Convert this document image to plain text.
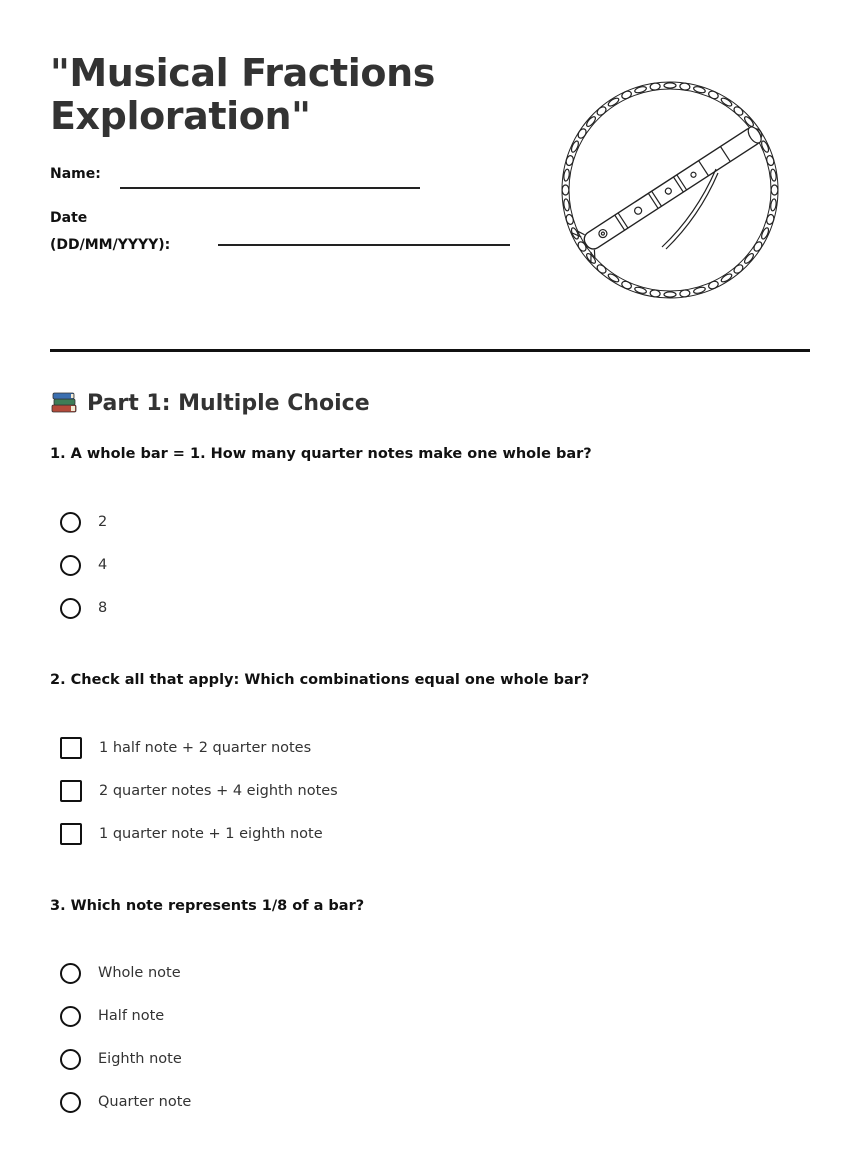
"Musical Fractions Exploration"
Name:
Date
(DD/MM/YYYY):
Part 1: Multiple Choice
1. A whole bar = 1. How many quarter notes make one whole bar?
2
4
8
2. Check all that apply: Which combinations equal one whole bar?
1 half note + 2 quarter notes
2 quarter notes + 4 eighth notes
1 quarter note + 1 eighth note
3. Which note represents 1/8 of a bar?
Whole note
Half note
Eighth note
Quarter note
